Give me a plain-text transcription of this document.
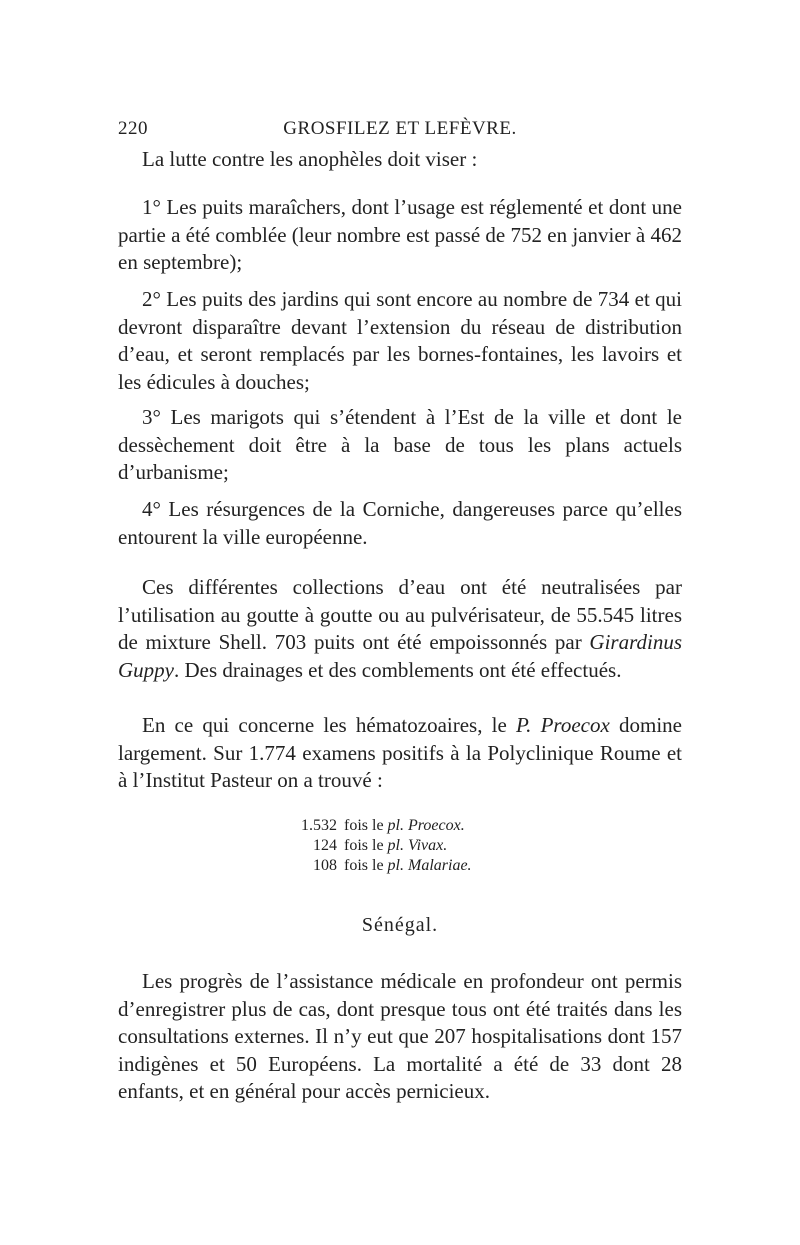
220	GROSFILEZ ET LEFÈVRE.

La lutte contre les anophèles doit viser :

1° Les puits maraîchers, dont l’usage est réglementé et dont une partie a été comblée (leur nombre est passé de 752 en janvier à 462 en septembre);

2° Les puits des jardins qui sont encore au nombre de 734 et qui devront disparaître devant l’extension du réseau de distribution d’eau, et seront remplacés par les bornes-fontaines, les lavoirs et les édicules à douches;

3° Les marigots qui s’étendent à l’Est de la ville et dont le dessèchement doit être à la base de tous les plans actuels d’urbanisme;

4° Les résurgences de la Corniche, dangereuses parce qu’elles entourent la ville européenne.

Ces différentes collections d’eau ont été neutralisées par l’utilisation au goutte à goutte ou au pulvérisateur, de 55.545 litres de mixture Shell. 703 puits ont été empoissonnés par Girardinus Guppy. Des drainages et des comblements ont été effectués.

En ce qui concerne les hématozoaires, le P. Proecox domine largement. Sur 1.774 examens positifs à la Polyclinique Roume et à l’Institut Pasteur on a trouvé :

1.532 fois le
pl. Proecox.
124 fois le
pl. Vivax.
108 fois le
pl. Malariae.
Sénégal.

Les progrès de l’assistance médicale en profondeur ont permis d’enregistrer plus de cas, dont presque tous ont été traités dans les consultations externes. Il n’y eut que 207 hospitalisations dont 157 indigènes et 50 Européens. La mortalité a été de 33 dont 28 enfants, et en général pour accès pernicieux.
